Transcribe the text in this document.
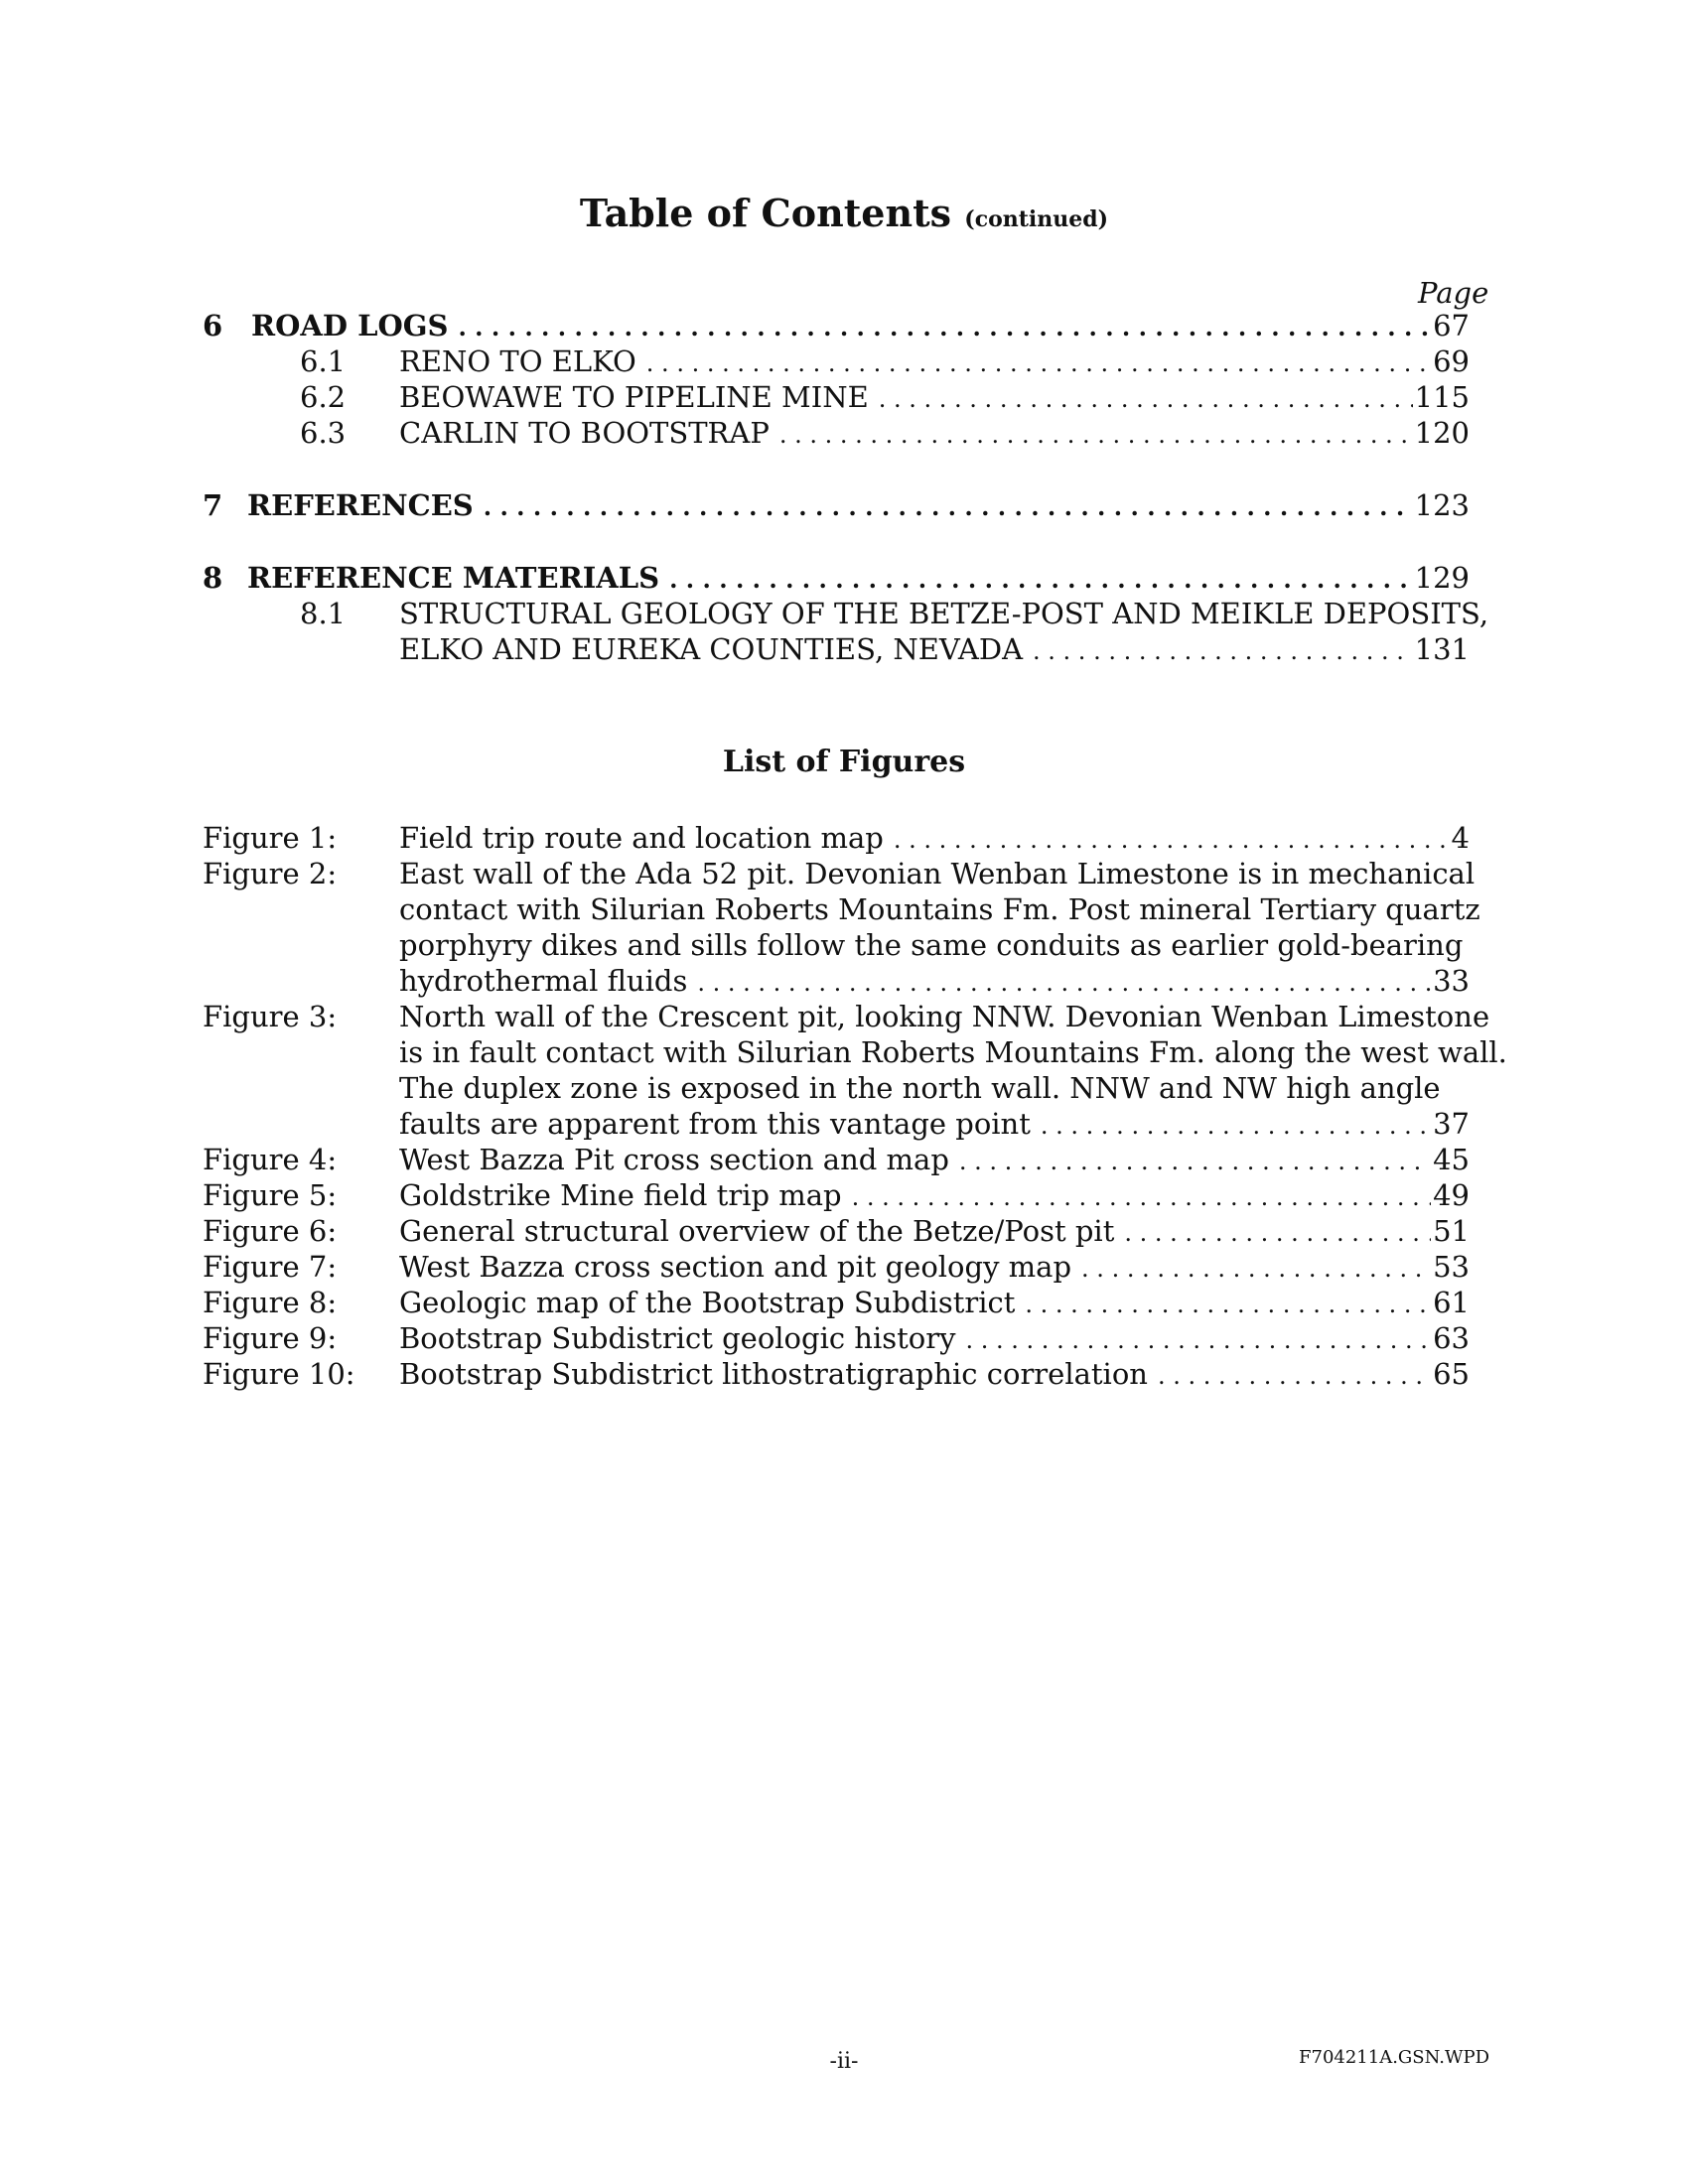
Table of Contents (continued)
Page
6 ROAD LOGS . . .	67
6.1 RENO TO ELKO . . .	69
6.2 BEOWAWE TO PIPELINE MINE . . .	115
6.3 CARLIN TO BOOTSTRAP . . .	120
7 REFERENCES . . .	123
8 REFERENCE MATERIALS . . .	129
8.1 STRUCTURAL GEOLOGY OF THE BETZE-POST AND MEIKLE DEPOSITS,
ELKO AND EUREKA COUNTIES, NEVADA . . .	131
List of Figures
Figure 1: Field trip route and location map . . .	4
Figure 2: East wall of the Ada 52 pit. Devonian Wenban Limestone is in mechanical
contact with Silurian Roberts Mountains Fm. Post mineral Tertiary quartz
porphyry dikes and sills follow the same conduits as earlier gold-bearing
hydrothermal fluids . . .	33
Figure 3: North wall of the Crescent pit, looking NNW. Devonian Wenban Limestone
is in fault contact with Silurian Roberts Mountains Fm. along the west wall.
The duplex zone is exposed in the north wall. NNW and NW high angle
faults are apparent from this vantage point . . .	37
Figure 4: West Bazza Pit cross section and map . . .	45
Figure 5: Goldstrike Mine field trip map . . .	49
Figure 6: General structural overview of the Betze/Post pit . . .	51
Figure 7: West Bazza cross section and pit geology map . . .	53
Figure 8: Geologic map of the Bootstrap Subdistrict . . .	61
Figure 9: Bootstrap Subdistrict geologic history . . .	63
Figure 10: Bootstrap Subdistrict lithostratigraphic correlation . . .	65
-ii-	F704211A.GSN.WPD
